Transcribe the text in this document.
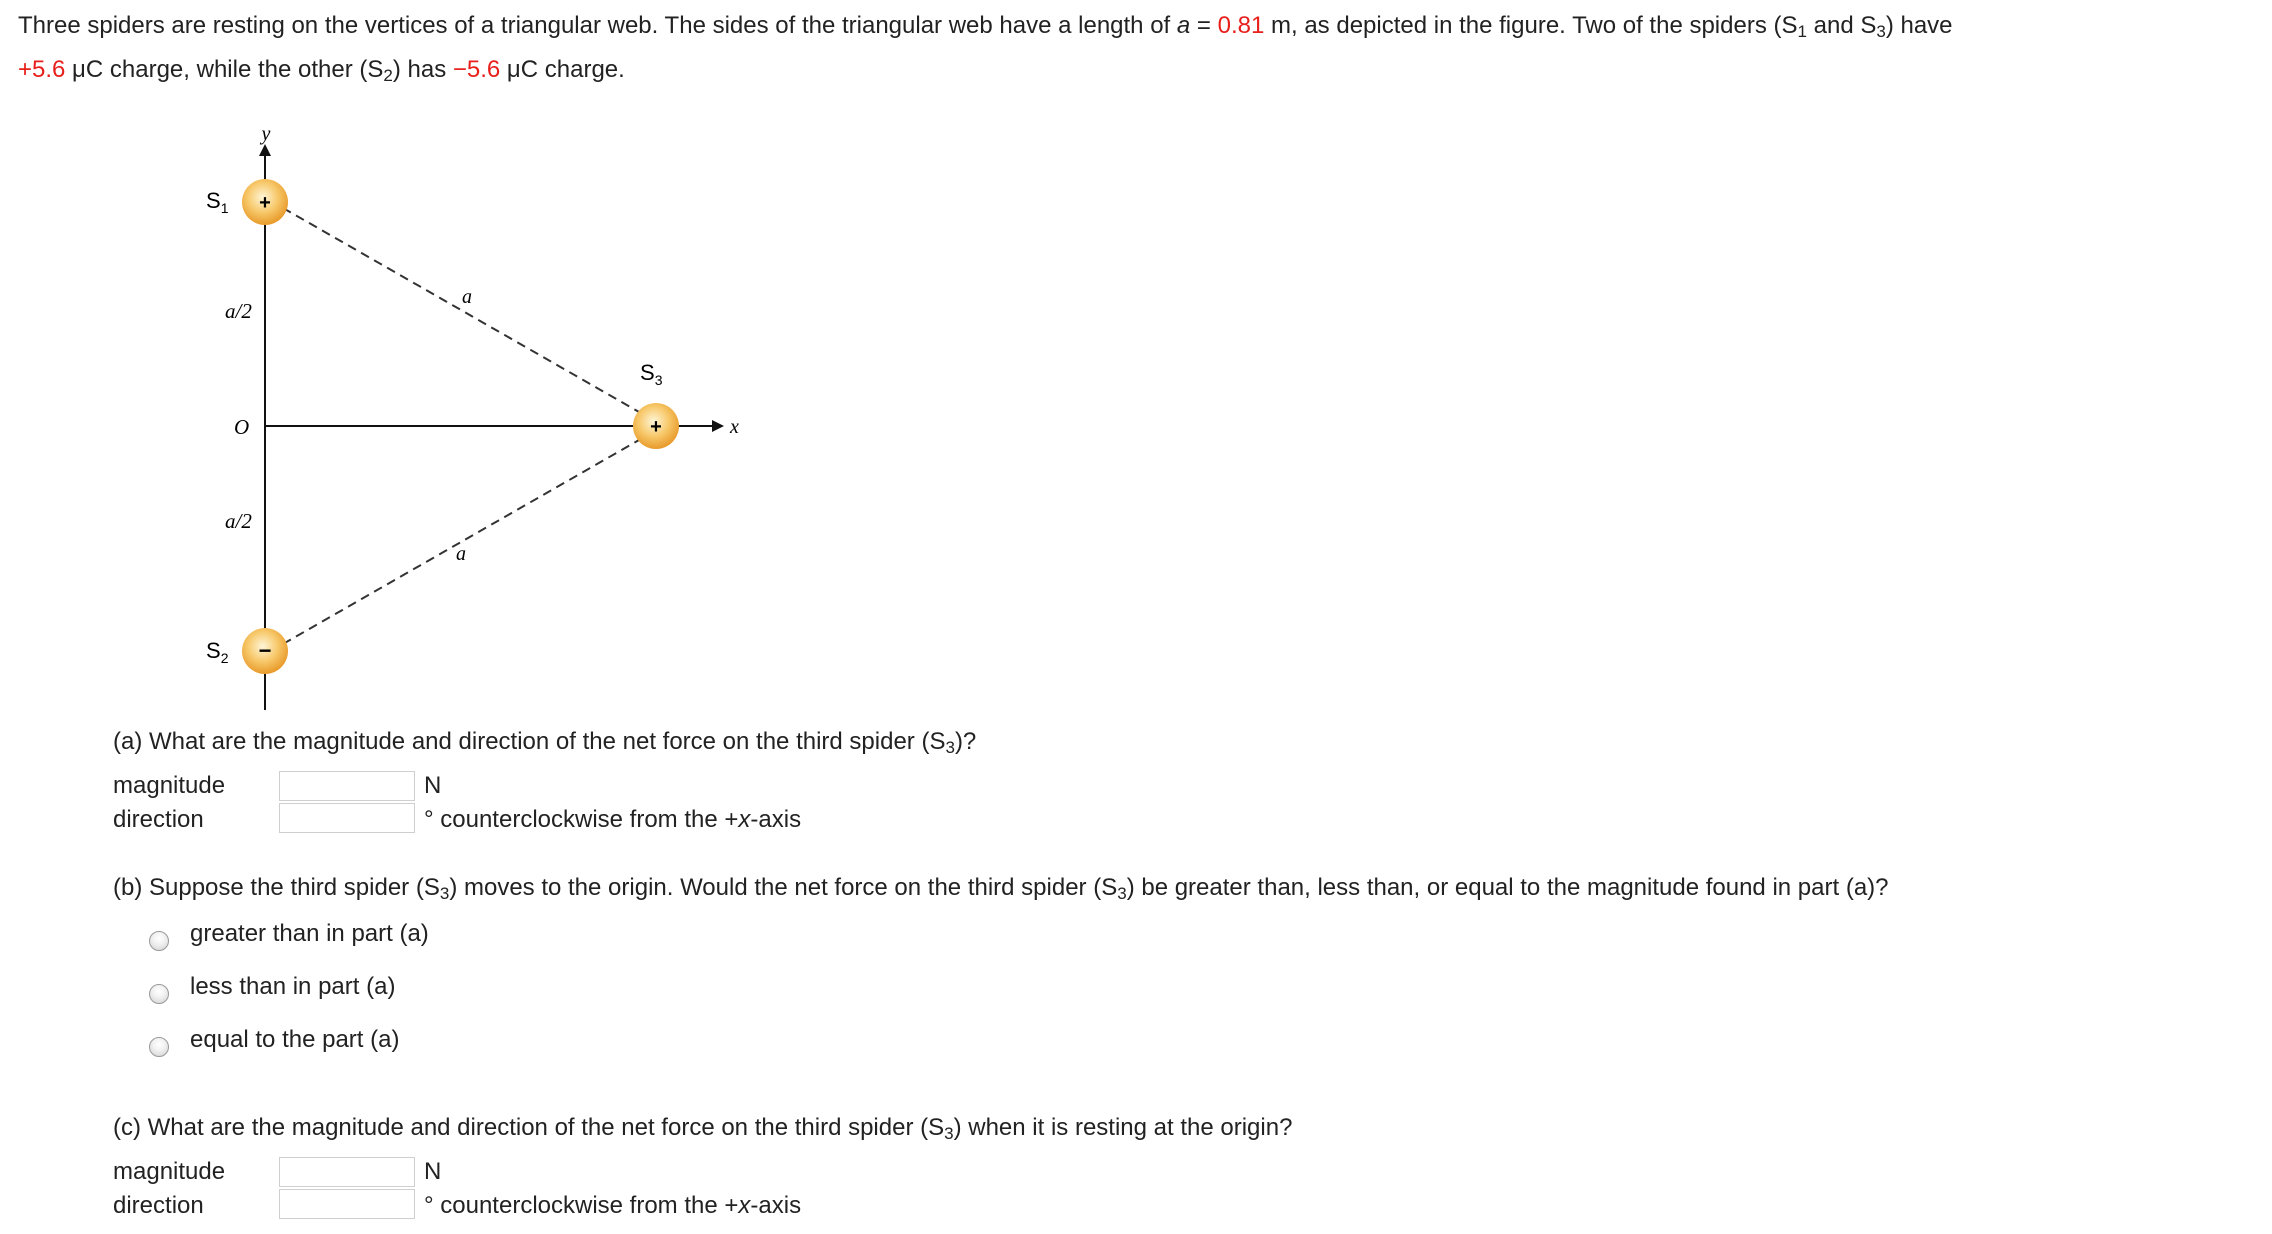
Three spiders are resting on the vertices of a triangular web. The sides of the triangular web have a length of a = 0.81 m, as depicted in the figure. Two of the spiders ($S_1$ and $S_3$) have
+5.6 μC charge, while the other $(S_2)$ has −5.6 μC charge.
y
x
a
a
a/2
a/2
O
$S_1$ +
$S_2$ −
$S_3$
+
(a) What are the magnitude and direction of the net force on the third spider $(S_3)$?
magnitude
direction
N
° counterclockwise from the +x-axis
(b) Suppose the third spider $(S_3)$ moves to the origin. Would the net force on the third spider $(S_3)$ be greater than, less than, or equal to the magnitude found in part (a)?
greater than in part (a)
less than in part (a)
equal to the part (a)
(c) What are the magnitude and direction of the net force on the third spider $(S_3)$ when it is resting at the origin?
magnitude
direction
N
° counterclockwise from the +x-axis
